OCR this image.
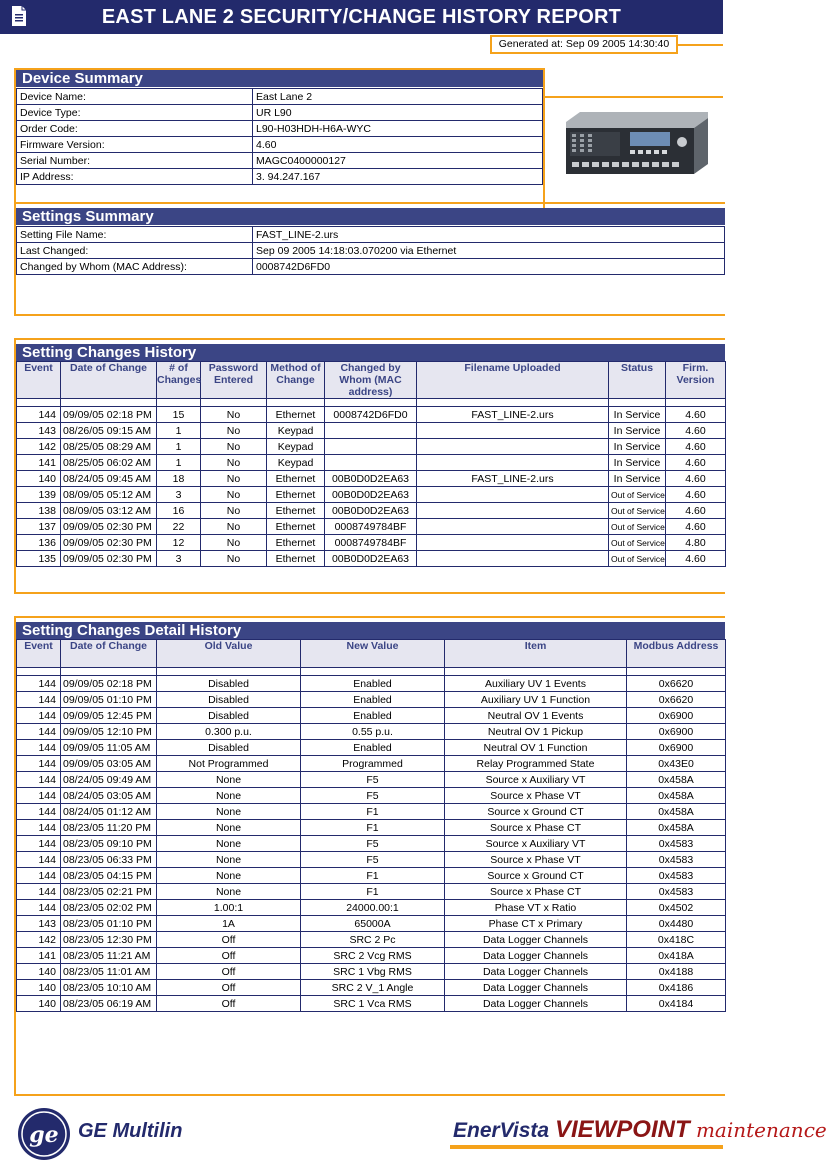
EAST LANE 2 SECURITY/CHANGE HISTORY REPORT
Generated at: Sep 09 2005 14:30:40
Device Summary
Device Name:	East Lane 2
Device Type:	UR L90
Order Code:	L90-H03HDH-H6A-WYC
Firmware Version:	4.60
Serial Number:	MAGC0400000127
IP Address:	3. 94.247.167
Settings Summary
Setting File Name:	FAST_LINE-2.urs
Last Changed:	Sep 09 2005 14:18:03.070200 via Ethernet
Changed by Whom (MAC Address):	0008742D6FD0
Setting Changes History
Event	Date of Change	# of Changes	Password Entered	Method of Change	Changed by Whom (MAC address)	Filename Uploaded	Status	Firm. Version

144	09/09/05 02:18 PM	15	No	Ethernet	0008742D6FD0	FAST_LINE-2.urs	In Service	4.60
143	08/26/05 09:15 AM	1	No	Keypad			In Service	4.60
142	08/25/05 08:29 AM	1	No	Keypad			In Service	4.60
141	08/25/05 06:02 AM	1	No	Keypad			In Service	4.60
140	08/24/05 09:45 AM	18	No	Ethernet	00B0D0D2EA63	FAST_LINE-2.urs	In Service	4.60
139	08/09/05 05:12 AM	3	No	Ethernet	00B0D0D2EA63		Out of Service	4.60
138	08/09/05 03:12 AM	16	No	Ethernet	00B0D0D2EA63		Out of Service	4.60
137	09/09/05 02:30 PM	22	No	Ethernet	0008749784BF		Out of Service	4.60
136	09/09/05 02:30 PM	12	No	Ethernet	0008749784BF		Out of Service	4.80
135	09/09/05 02:30 PM	3	No	Ethernet	00B0D0D2EA63		Out of Service	4.60
Setting Changes Detail History
Event	Date of Change	Old Value	New Value	Item	Modbus Address

144	09/09/05 02:18 PM	Disabled	Enabled	Auxiliary UV 1 Events	0x6620
144	09/09/05 01:10 PM	Disabled	Enabled	Auxiliary UV 1 Function	0x6620
144	09/09/05 12:45 PM	Disabled	Enabled	Neutral OV 1 Events	0x6900
144	09/09/05 12:10 PM	0.300 p.u.	0.55 p.u.	Neutral OV 1 Pickup	0x6900
144	09/09/05 11:05 AM	Disabled	Enabled	Neutral OV 1 Function	0x6900
144	09/09/05 03:05 AM	Not Programmed	Programmed	Relay Programmed State	0x43E0
144	08/24/05 09:49 AM	None	F5	Source x Auxiliary VT	0x458A
144	08/24/05 03:05 AM	None	F5	Source x Phase VT	0x458A
144	08/24/05 01:12 AM	None	F1	Source x Ground CT	0x458A
144	08/23/05 11:20 PM	None	F1	Source x Phase CT	0x458A
144	08/23/05 09:10 PM	None	F5	Source x Auxiliary VT	0x4583
144	08/23/05 06:33 PM	None	F5	Source x Phase VT	0x4583
144	08/23/05 04:15 PM	None	F1	Source x Ground CT	0x4583
144	08/23/05 02:21 PM	None	F1	Source x Phase CT	0x4583
144	08/23/05 02:02 PM	1.00:1	24000.00:1	Phase VT x Ratio	0x4502
143	08/23/05 01:10 PM	1A	65000A	Phase CT x Primary	0x4480
142	08/23/05 12:30 PM	Off	SRC 2 Pc	Data Logger Channels	0x418C
141	08/23/05 11:21 AM	Off	SRC 2 Vcg RMS	Data Logger Channels	0x418A
140	08/23/05 11:01 AM	Off	SRC 1 Vbg RMS	Data Logger Channels	0x4188
140	08/23/05 10:10 AM	Off	SRC 2 V_1 Angle	Data Logger Channels	0x4186
140	08/23/05 06:19 AM	Off	SRC 1 Vca RMS	Data Logger Channels	0x4184
ge GE Multilin	EnerVista VIEWPOINT maintenance
